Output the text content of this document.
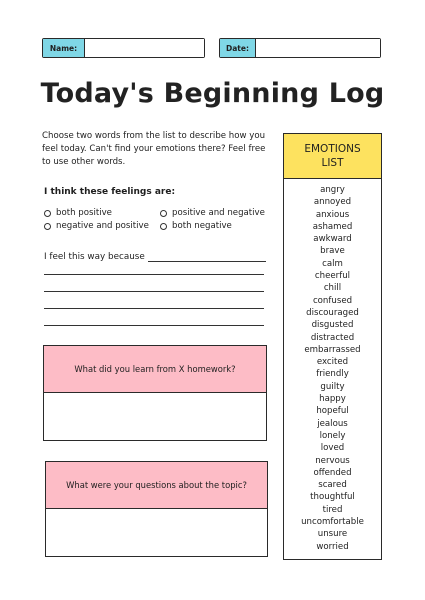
Name:	Date:
Today's Beginning Log
Choose two words from the list to describe how you feel today. Can't find your emotions there? Feel free to use other words.
I think these feelings are:
both positive	positive and negative
negative and positive	both negative
I feel this way because
What did you learn from X homework?
What were your questions about the topic?
EMOTIONS
LIST
angry
annoyed
anxious
ashamed
awkward
brave
calm
cheerful
chill
confused
discouraged
disgusted
distracted
embarrassed
excited
friendly
guilty
happy
hopeful
jealous
lonely
loved
nervous
offended
scared
thoughtful
tired
uncomfortable
unsure
worried
